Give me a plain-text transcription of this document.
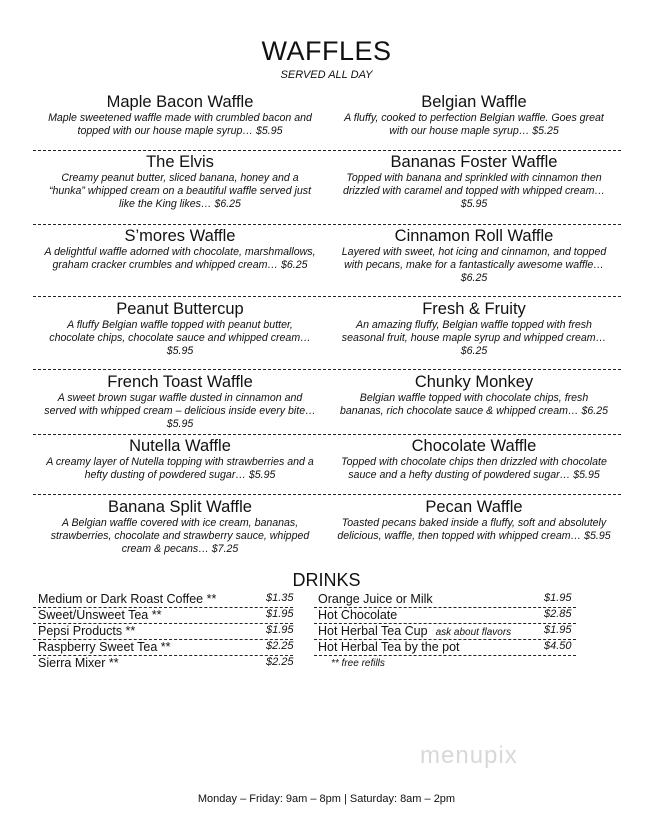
WAFFLES
SERVED ALL DAY
Maple Bacon Waffle
Maple sweetened waffle made with crumbled bacon and topped with our house maple syrup… $5.95
Belgian Waffle
A fluffy, cooked to perfection Belgian waffle. Goes great with our house maple syrup… $5.25
The Elvis
Creamy peanut butter, sliced banana, honey and a “hunka” whipped cream on a beautiful waffle served just like the King likes… $6.25
Bananas Foster Waffle
Topped with banana and sprinkled with cinnamon then drizzled with caramel and topped with whipped cream… $5.95
S’mores Waffle
A delightful waffle adorned with chocolate, marshmallows, graham cracker crumbles and whipped cream… $6.25
Cinnamon Roll Waffle
Layered with sweet, hot icing and cinnamon, and topped with pecans, make for a fantastically awesome waffle… $6.25
Peanut Buttercup
A fluffy Belgian waffle topped with peanut butter, chocolate chips, chocolate sauce and whipped cream… $5.95
Fresh & Fruity
An amazing fluffy, Belgian waffle topped with fresh seasonal fruit, house maple syrup and whipped cream… $6.25
French Toast Waffle
A sweet brown sugar waffle dusted in cinnamon and served with whipped cream – delicious inside every bite… $5.95
Chunky Monkey
Belgian waffle topped with chocolate chips, fresh bananas, rich chocolate sauce & whipped cream… $6.25
Nutella Waffle
A creamy layer of Nutella topping with strawberries and a hefty dusting of powdered sugar… $5.95
Chocolate Waffle
Topped with chocolate chips then drizzled with chocolate sauce and a hefty dusting of powdered sugar… $5.95
Banana Split Waffle
A Belgian waffle covered with ice cream, bananas, strawberries, chocolate and strawberry sauce, whipped cream & pecans… $7.25
Pecan Waffle
Toasted pecans baked inside a fluffy, soft and absolutely delicious, waffle, then topped with whipped cream… $5.95
DRINKS
Medium or Dark Roast Coffee **	$1.35
Sweet/Unsweet Tea **	$1.95
Pepsi Products **	$1.95
Raspberry Sweet Tea **	$2.25
Sierra Mixer **	$2.25
Orange Juice or Milk	$1.95
Hot Chocolate	$2.85
Hot Herbal Tea Cup ask about flavors	$1.95
Hot Herbal Tea by the pot	$4.50
** free refills
menupix
Monday – Friday: 9am – 8pm | Saturday: 8am – 2pm
